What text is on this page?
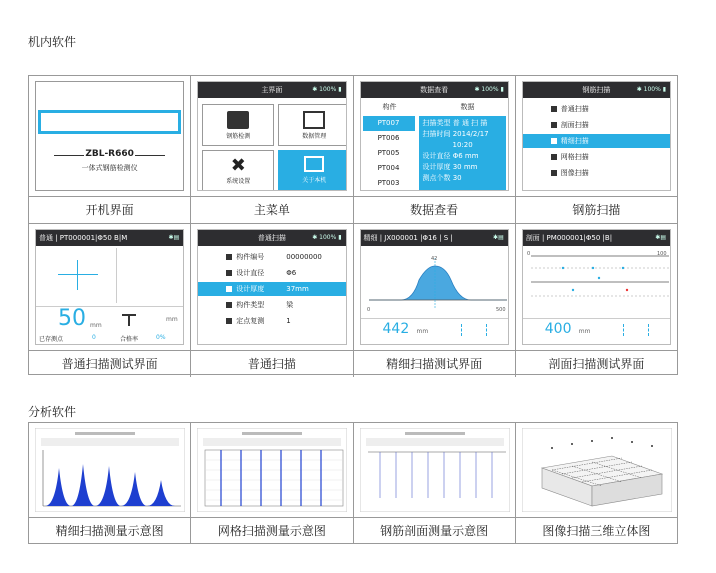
机内软件
ZBL-R660
一体式钢筋检测仪
主界面	✱ 100% ▮
钢筋检测	数据管理
✖
系统设置	关于本机
数据查看	✱ 100% ▮
构件	数据
PT007
PT006
PT005
PT004
PT003
扫描类型 普 通 扫 描
扫描时间 2014/2/17
10:20
设计直径 Φ6 mm
设计厚度 30 mm
测点个数 30
钢筋扫描	✱ 100% ▮
普通扫描
剖面扫描
精细扫描
网格扫描
图像扫描
开机界面	主菜单	数据查看	钢筋扫描
普通 | PT000001|Φ50 B|M	✱▤
50 mm
mm
已存测点	0	合格率	0%
普通扫描	✱ 100% ▮
构件编号	00000000
设计直径	Φ6
设计厚度	37mm
构件类型	梁
定点复测	1
精细 | JX000001 |Φ16 | S |	✱▤
0	500
42
442 mm
剖面 | PM000001|Φ50 |B|	✱▤
0	100
400 mm
普通扫描测试界面	普通扫描	精细扫描测试界面	剖面扫描测试界面
分析软件
精细扫描测量示意图	网格扫描测量示意图	钢筋剖面测量示意图	图像扫描三维立体图
